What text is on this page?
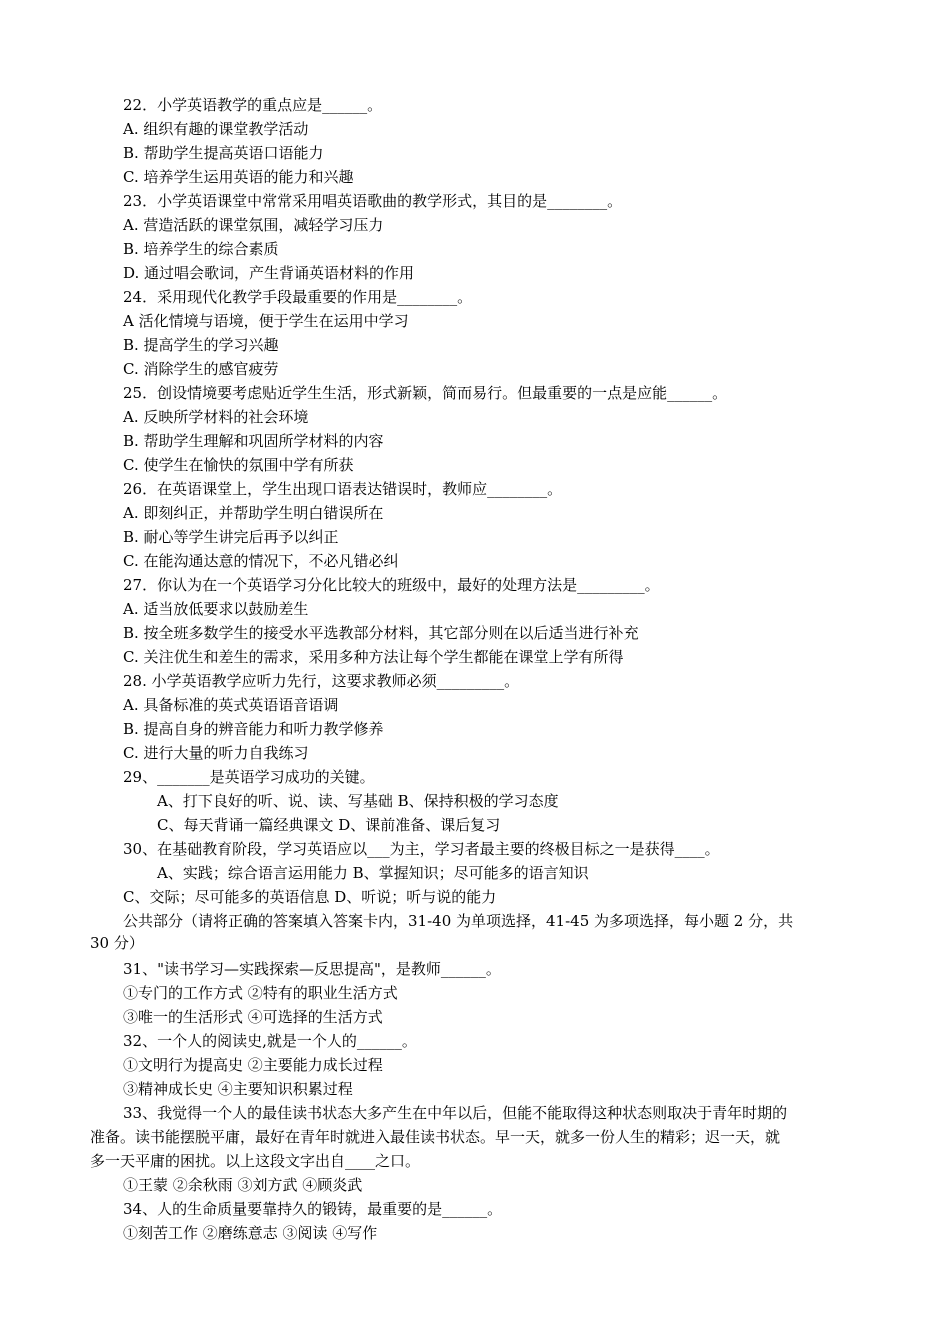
22．小学英语教学的重点应是______。
A. 组织有趣的课堂教学活动
B. 帮助学生提高英语口语能力
C. 培养学生运用英语的能力和兴趣
23．小学英语课堂中常常采用唱英语歌曲的教学形式，其目的是________。
A. 营造活跃的课堂氛围，减轻学习压力
B. 培养学生的综合素质
D. 通过唱会歌词，产生背诵英语材料的作用
24．采用现代化教学手段最重要的作用是________。
A 活化情境与语境，便于学生在运用中学习
B. 提高学生的学习兴趣
C. 消除学生的感官疲劳
25．创设情境要考虑贴近学生生活，形式新颖，简而易行。但最重要的一点是应能______。
A. 反映所学材料的社会环境
B. 帮助学生理解和巩固所学材料的内容
C. 使学生在愉快的氛围中学有所获
26．在英语课堂上，学生出现口语表达错误时，教师应________。
A. 即刻纠正，并帮助学生明白错误所在
B. 耐心等学生讲完后再予以纠正
C. 在能沟通达意的情况下，不必凡错必纠
27．你认为在一个英语学习分化比较大的班级中，最好的处理方法是_________。
A. 适当放低要求以鼓励差生
B. 按全班多数学生的接受水平选教部分材料，其它部分则在以后适当进行补充
C. 关注优生和差生的需求，采用多种方法让每个学生都能在课堂上学有所得
28. 小学英语教学应听力先行，这要求教师必须_________。
A. 具备标准的英式英语语音语调
B. 提高自身的辨音能力和听力教学修养
C. 进行大量的听力自我练习
29、_______是英语学习成功的关键。
A、打下良好的听、说、读、写基础 B、保持积极的学习态度
C、每天背诵一篇经典课文 D、课前准备、课后复习
30、在基础教育阶段，学习英语应以___为主，学习者最主要的终极目标之一是获得____。
A、实践；综合语言运用能力 B、掌握知识；尽可能多的语言知识
C、交际；尽可能多的英语信息 D、听说；听与说的能力
公共部分（请将正确的答案填入答案卡内，31-40 为单项选择，41-45 为多项选择，每小题 2 分，共
30 分）
31、"读书学习—实践探索—反思提高"，是教师______。
①专门的工作方式 ②特有的职业生活方式
③唯一的生活形式 ④可选择的生活方式
32、一个人的阅读史,就是一个人的______。
①文明行为提高史 ②主要能力成长过程
③精神成长史 ④主要知识积累过程
33、我觉得一个人的最佳读书状态大多产生在中年以后，但能不能取得这种状态则取决于青年时期的
准备。读书能摆脱平庸，最好在青年时就进入最佳读书状态。早一天，就多一份人生的精彩；迟一天，就
多一天平庸的困扰。以上这段文字出自____之口。
①王蒙 ②余秋雨 ③刘方武 ④顾炎武
34、人的生命质量要靠持久的锻铸，最重要的是______。
①刻苦工作 ②磨练意志 ③阅读 ④写作
